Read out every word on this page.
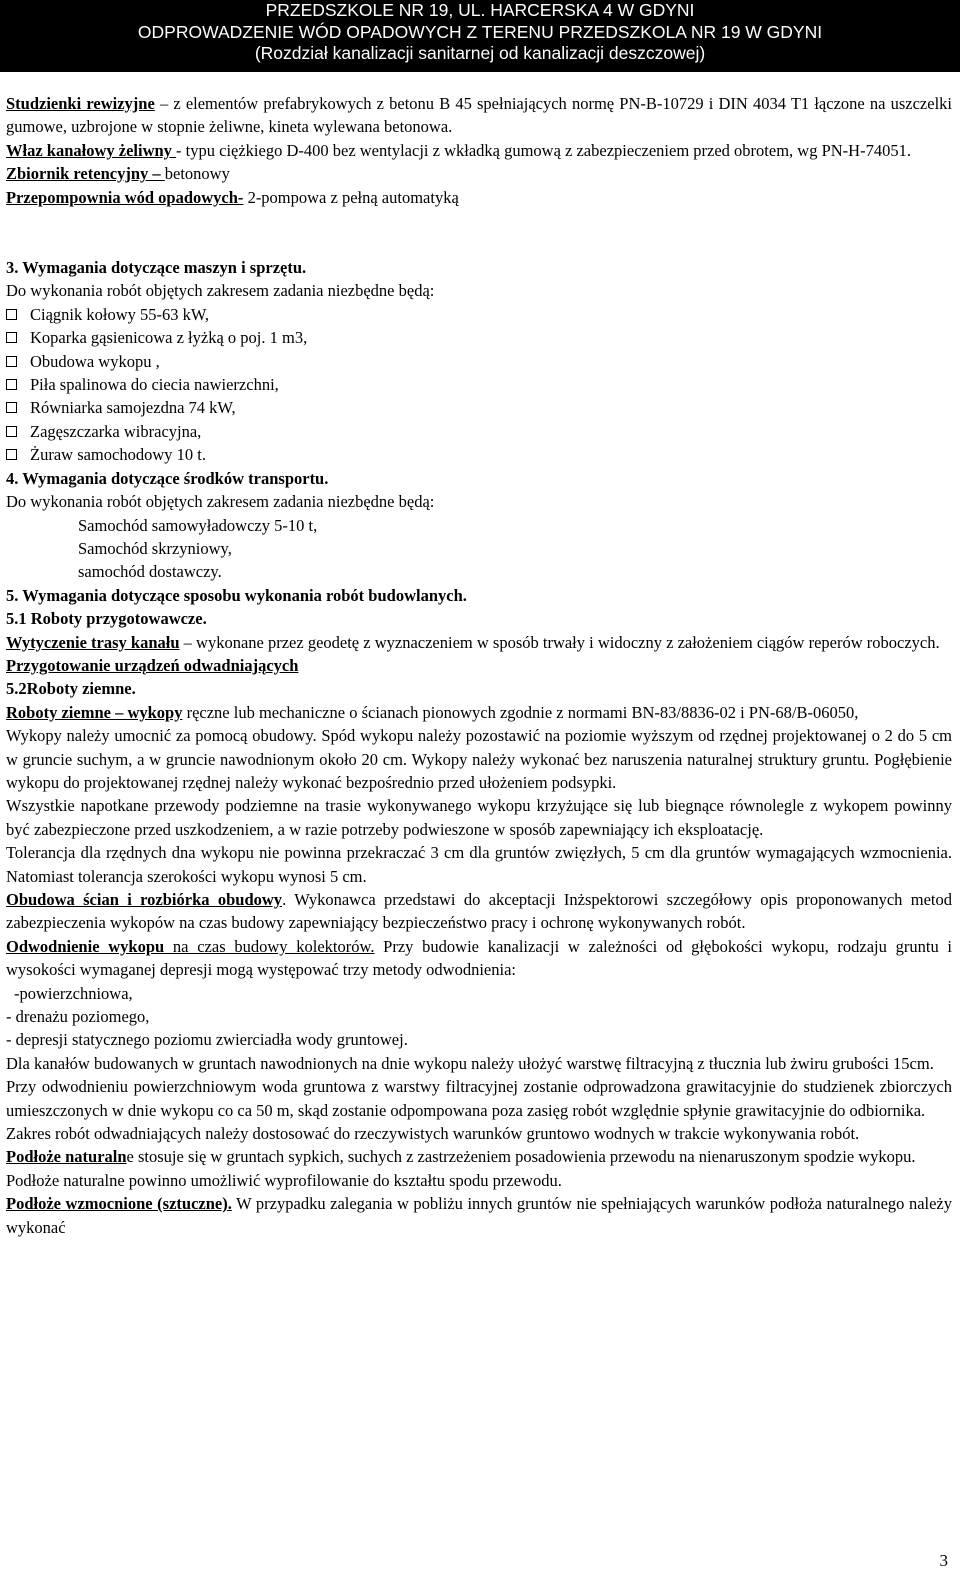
PRZEDSZKOLE NR 19, UL. HARCERSKA 4 W GDYNI
ODPROWADZENIE WÓD OPADOWYCH Z TERENU PRZEDSZKOLA NR 19 W GDYNI
(Rozdział kanalizacji sanitarnej od kanalizacji deszczowej)

Studzienki rewizyjne – z elementów prefabrykowych z betonu B 45 spełniających normę PN-B-10729 i DIN 4034 T1 łączone na uszczelki gumowe, uzbrojone w stopnie żeliwne, kineta wylewana betonowa.

Właz kanałowy żeliwny - typu ciężkiego D-400 bez wentylacji z wkładką gumową z zabezpieczeniem przed obrotem, wg PN-H-74051.

Zbiornik retencyjny – betonowy

Przepompownia wód opadowych- 2-pompowa z pełną automatyką

3. Wymagania dotyczące maszyn i sprzętu.

Do wykonania robót objętych zakresem zadania niezbędne będą:

Ciągnik kołowy 55-63 kW,

Koparka gąsienicowa z łyżką o poj. 1 m3,

Obudowa wykopu ,

Piła spalinowa do ciecia nawierzchni,

Równiarka samojezdna 74 kW,

Zagęszczarka wibracyjna,

Żuraw samochodowy 10 t.

4. Wymagania dotyczące środków transportu.

Do wykonania robót objętych zakresem zadania niezbędne będą:

Samochód samowyładowczy 5-10 t,

Samochód skrzyniowy,

samochód dostawczy.

5. Wymagania dotyczące sposobu wykonania robót budowlanych.

5.1 Roboty przygotowawcze.

Wytyczenie trasy kanału – wykonane przez geodetę z wyznaczeniem w sposób trwały i widoczny z założeniem ciągów reperów roboczych.

Przygotowanie urządzeń odwadniających

5.2Roboty ziemne.

Roboty ziemne – wykopy ręczne lub mechaniczne o ścianach pionowych zgodnie z normami BN-83/8836-02 i PN-68/B-06050,

Wykopy należy umocnić za pomocą obudowy. Spód wykopu należy pozostawić na poziomie wyższym od rzędnej projektowanej o 2 do 5 cm w gruncie suchym, a w gruncie nawodnionym około 20 cm. Wykopy należy wykonać bez naruszenia naturalnej struktury gruntu. Pogłębienie wykopu do projektowanej rzędnej należy wykonać bezpośrednio przed ułożeniem podsypki.

Wszystkie napotkane przewody podziemne na trasie wykonywanego wykopu krzyżujące się lub biegnące równolegle z wykopem powinny być zabezpieczone przed uszkodzeniem, a w razie potrzeby podwieszone w sposób zapewniający ich eksploatację.

Tolerancja dla rzędnych dna wykopu nie powinna przekraczać 3 cm dla gruntów zwięzłych, 5 cm dla gruntów wymagających wzmocnienia. Natomiast tolerancja szerokości wykopu wynosi 5 cm.

Obudowa ścian i rozbiórka obudowy. Wykonawca przedstawi do akceptacji Inżspektorowi szczegółowy opis proponowanych metod zabezpieczenia wykopów na czas budowy zapewniający bezpieczeństwo pracy i ochronę wykonywanych robót.

Odwodnienie wykopu na czas budowy kolektorów. Przy budowie kanalizacji w zależności od głębokości wykopu, rodzaju gruntu i wysokości wymaganej depresji mogą występować trzy metody odwodnienia:

-powierzchniowa,

- drenażu poziomego,

- depresji statycznego poziomu zwierciadła wody gruntowej.

Dla kanałów budowanych w gruntach nawodnionych na dnie wykopu należy ułożyć warstwę filtracyjną z tłucznia lub żwiru grubości 15cm.

Przy odwodnieniu powierzchniowym woda gruntowa z warstwy filtracyjnej zostanie odprowadzona grawitacyjnie do studzienek zbiorczych umieszczonych w dnie wykopu co ca 50 m, skąd zostanie odpompowana poza zasięg robót względnie spłynie grawitacyjnie do odbiornika.

Zakres robót odwadniających należy dostosować do rzeczywistych warunków gruntowo wodnych w trakcie wykonywania robót.

Podłoże naturalne stosuje się w gruntach sypkich, suchych z zastrzeżeniem posadowienia przewodu na nienaruszonym spodzie wykopu.

Podłoże naturalne powinno umożliwić wyprofilowanie do kształtu spodu przewodu.

Podłoże wzmocnione (sztuczne). W przypadku zalegania w pobliżu innych gruntów nie spełniających warunków podłoża naturalnego należy wykonać

3
